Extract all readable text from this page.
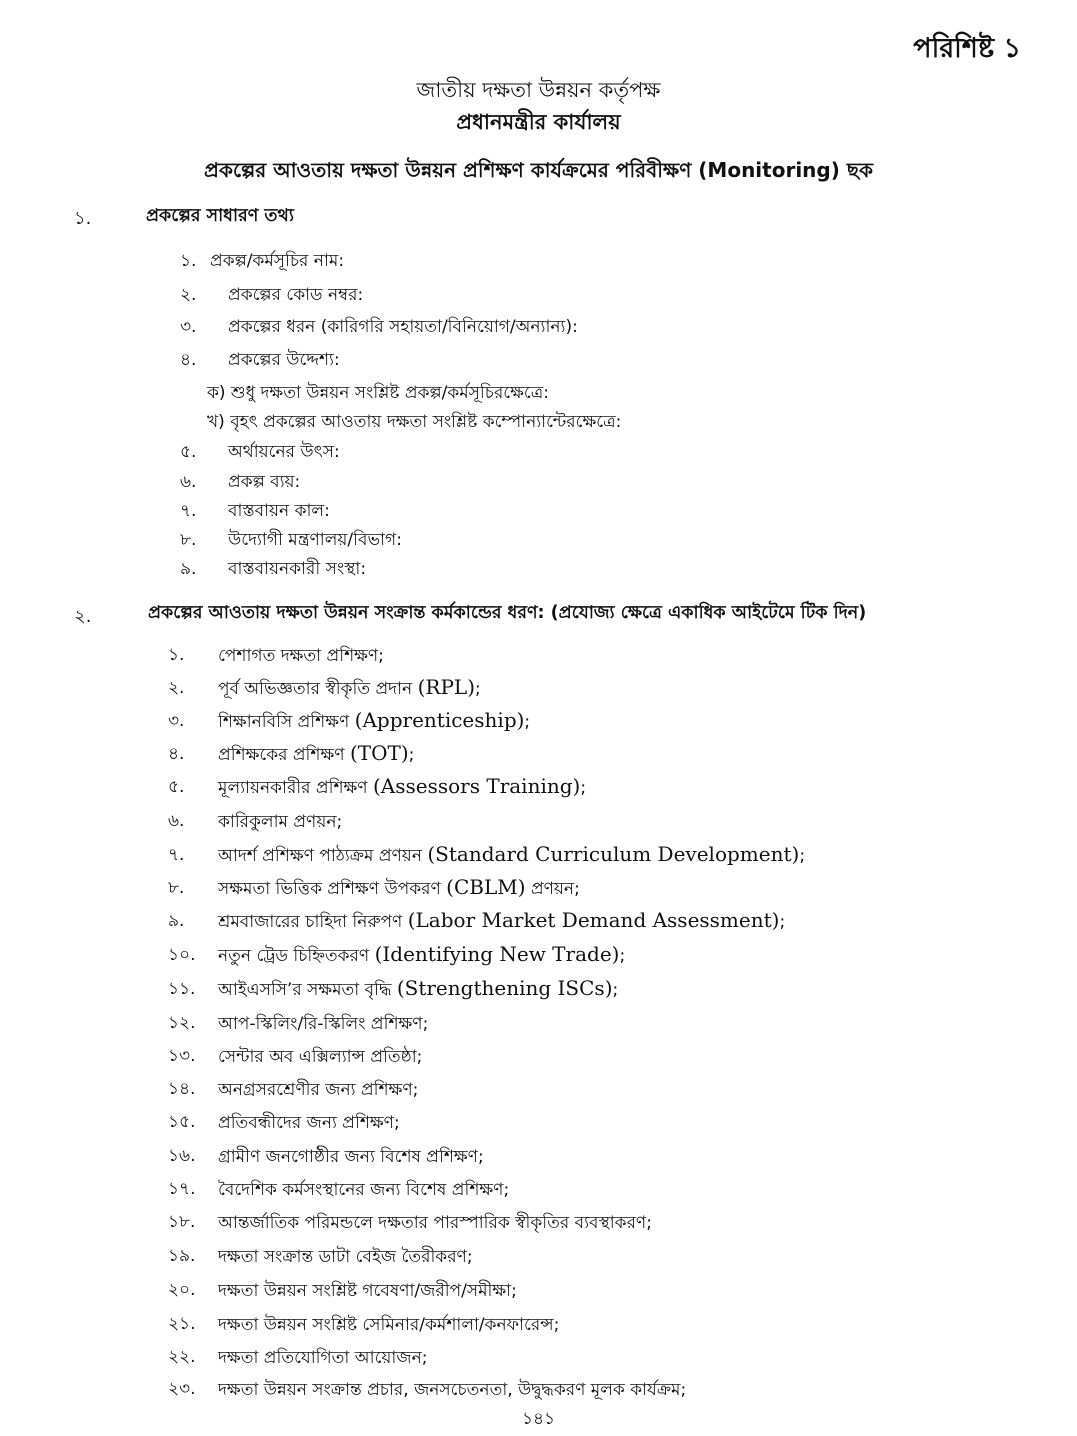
পরিশিষ্ট ১
জাতীয় দক্ষতা উন্নয়ন কর্তৃপক্ষ
প্রধানমন্ত্রীর কার্যালয়
প্রকল্পের আওতায় দক্ষতা উন্নয়ন প্রশিক্ষণ কার্যক্রমের পরিবীক্ষণ (Monitoring) ছক
১.	প্রকল্পের সাধারণ তথ্য
১. প্রকল্প/কর্মসূচির নাম:
২. প্রকল্পের কোড নম্বর:
৩. প্রকল্পের ধরন (কারিগরি সহায়তা/বিনিয়োগ/অন্যান্য):
৪. প্রকল্পের উদ্দেশ্য:
ক) শুধু দক্ষতা উন্নয়ন সংশ্লিষ্ট প্রকল্প/কর্মসূচিরক্ষেত্রে:
খ) বৃহৎ প্রকল্পের আওতায় দক্ষতা সংশ্লিষ্ট কম্পোন্যান্টেরক্ষেত্রে:
৫. অর্থায়নের উৎস:
৬. প্রকল্প ব্যয়:
৭. বাস্তবায়ন কাল:
৮. উদ্যোগী মন্ত্রণালয়/বিভাগ:
৯. বাস্তবায়নকারী সংস্থা:
২.	প্রকল্পের আওতায় দক্ষতা উন্নয়ন সংক্রান্ত কর্মকান্ডের ধরণ: (প্রযোজ্য ক্ষেত্রে একাধিক আইটেমে টিক দিন)
১. পেশাগত দক্ষতা প্রশিক্ষণ;
২. পূর্ব অভিজ্ঞতার স্বীকৃতি প্রদান (RPL);
৩. শিক্ষানবিসি প্রশিক্ষণ (Apprenticeship);
৪. প্রশিক্ষকের প্রশিক্ষণ (TOT);
৫. মূল্যায়নকারীর প্রশিক্ষণ (Assessors Training);
৬. কারিকুলাম প্রণয়ন;
৭. আদর্শ প্রশিক্ষণ পাঠ্যক্রম প্রণয়ন (Standard Curriculum Development);
৮. সক্ষমতা ভিত্তিক প্রশিক্ষণ উপকরণ (CBLM) প্রণয়ন;
৯. শ্রমবাজারের চাহিদা নিরুপণ (Labor Market Demand Assessment);
১০. নতুন ট্রেড চিহ্নিতকরণ (Identifying New Trade);
১১. আইএসসি’র সক্ষমতা বৃদ্ধি (Strengthening ISCs);
১২. আপ-স্কিলিং/রি-স্কিলিং প্রশিক্ষণ;
১৩. সেন্টার অব এক্সিল্যান্স প্রতিষ্ঠা;
১৪. অনগ্রসরশ্রেণীর জন্য প্রশিক্ষণ;
১৫. প্রতিবন্ধীদের জন্য প্রশিক্ষণ;
১৬. গ্রামীণ জনগোষ্ঠীর জন্য বিশেষ প্রশিক্ষণ;
১৭. বৈদেশিক কর্মসংস্থানের জন্য বিশেষ প্রশিক্ষণ;
১৮. আন্তর্জাতিক পরিমন্ডলে দক্ষতার পারস্পারিক স্বীকৃতির ব্যবস্থাকরণ;
১৯. দক্ষতা সংক্রান্ত ডাটা বেইজ তৈরীকরণ;
২০. দক্ষতা উন্নয়ন সংশ্লিষ্ট গবেষণা/জরীপ/সমীক্ষা;
২১. দক্ষতা উন্নয়ন সংশ্লিষ্ট সেমিনার/কর্মশালা/কনফারেন্স;
২২. দক্ষতা প্রতিযোগিতা আয়োজন;
২৩. দক্ষতা উন্নয়ন সংক্রান্ত প্রচার, জনসচেতনতা, উদ্বুদ্ধকরণ মূলক কার্যক্রম;
১৪১
